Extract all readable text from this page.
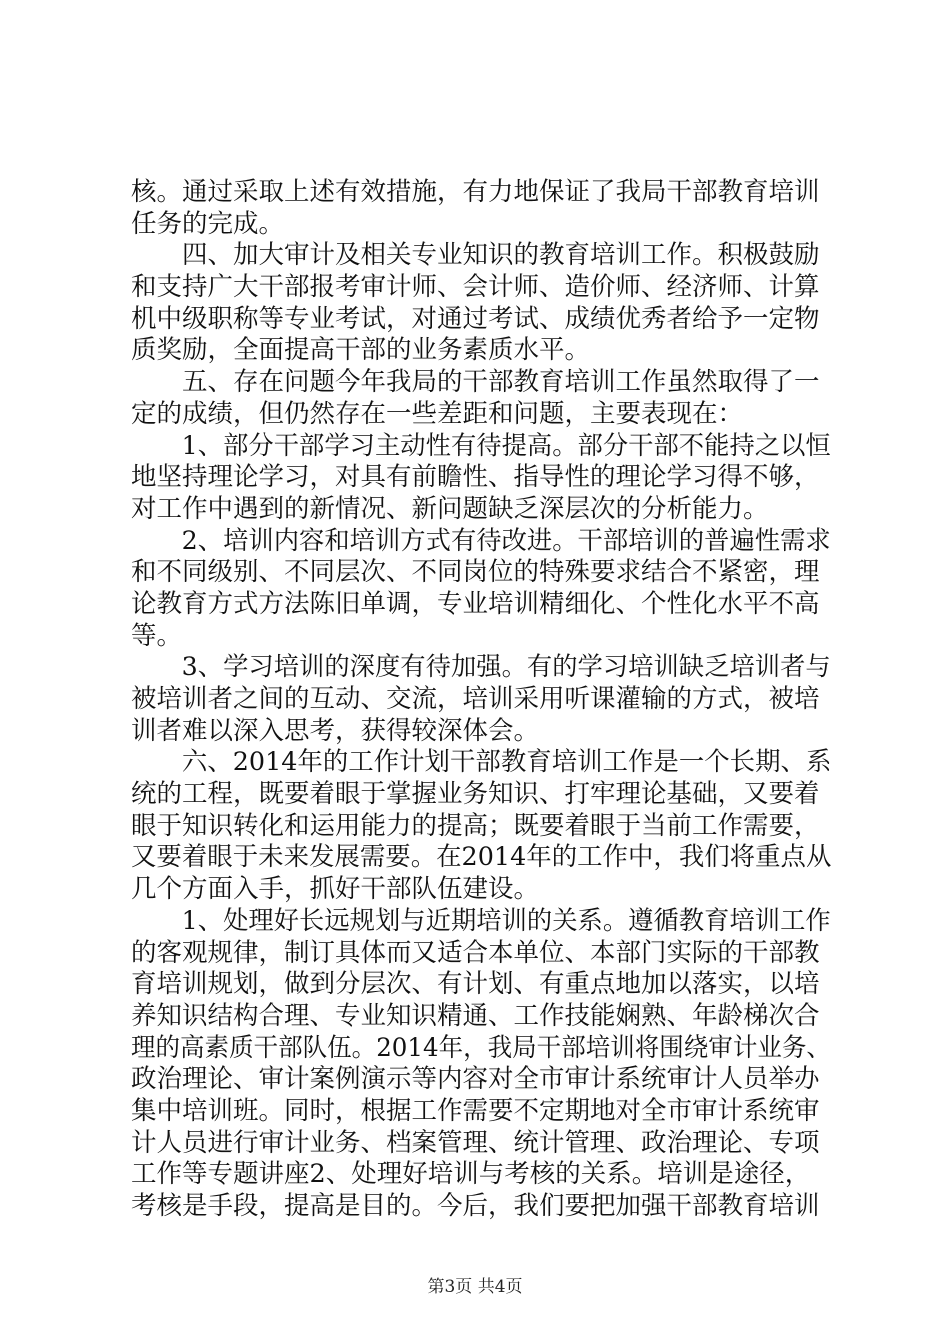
核。通过采取上述有效措施，有力地保证了我局干部教育培训
任务的完成。
　　四、加大审计及相关专业知识的教育培训工作。积极鼓励
和支持广大干部报考审计师、会计师、造价师、经济师、计算
机中级职称等专业考试，对通过考试、成绩优秀者给予一定物
质奖励，全面提高干部的业务素质水平。
　　五、存在问题今年我局的干部教育培训工作虽然取得了一
定的成绩，但仍然存在一些差距和问题，主要表现在：
　　1、部分干部学习主动性有待提高。部分干部不能持之以恒
地坚持理论学习，对具有前瞻性、指导性的理论学习得不够，
对工作中遇到的新情况、新问题缺乏深层次的分析能力。
　　2、培训内容和培训方式有待改进。干部培训的普遍性需求
和不同级别、不同层次、不同岗位的特殊要求结合不紧密，理
论教育方式方法陈旧单调，专业培训精细化、个性化水平不高
等。
　　3、学习培训的深度有待加强。有的学习培训缺乏培训者与
被培训者之间的互动、交流，培训采用听课灌输的方式，被培
训者难以深入思考，获得较深体会。
　　六、2014年的工作计划干部教育培训工作是一个长期、系
统的工程，既要着眼于掌握业务知识、打牢理论基础，又要着
眼于知识转化和运用能力的提高；既要着眼于当前工作需要，
又要着眼于未来发展需要。在2014年的工作中，我们将重点从
几个方面入手，抓好干部队伍建设。
　　1、处理好长远规划与近期培训的关系。遵循教育培训工作
的客观规律，制订具体而又适合本单位、本部门实际的干部教
育培训规划，做到分层次、有计划、有重点地加以落实，以培
养知识结构合理、专业知识精通、工作技能娴熟、年龄梯次合
理的高素质干部队伍。2014年，我局干部培训将围绕审计业务、
政治理论、审计案例演示等内容对全市审计系统审计人员举办
集中培训班。同时，根据工作需要不定期地对全市审计系统审
计人员进行审计业务、档案管理、统计管理、政治理论、专项
工作等专题讲座2、处理好培训与考核的关系。培训是途径，
考核是手段，提高是目的。今后，我们要把加强干部教育培训
第3页 共4页
